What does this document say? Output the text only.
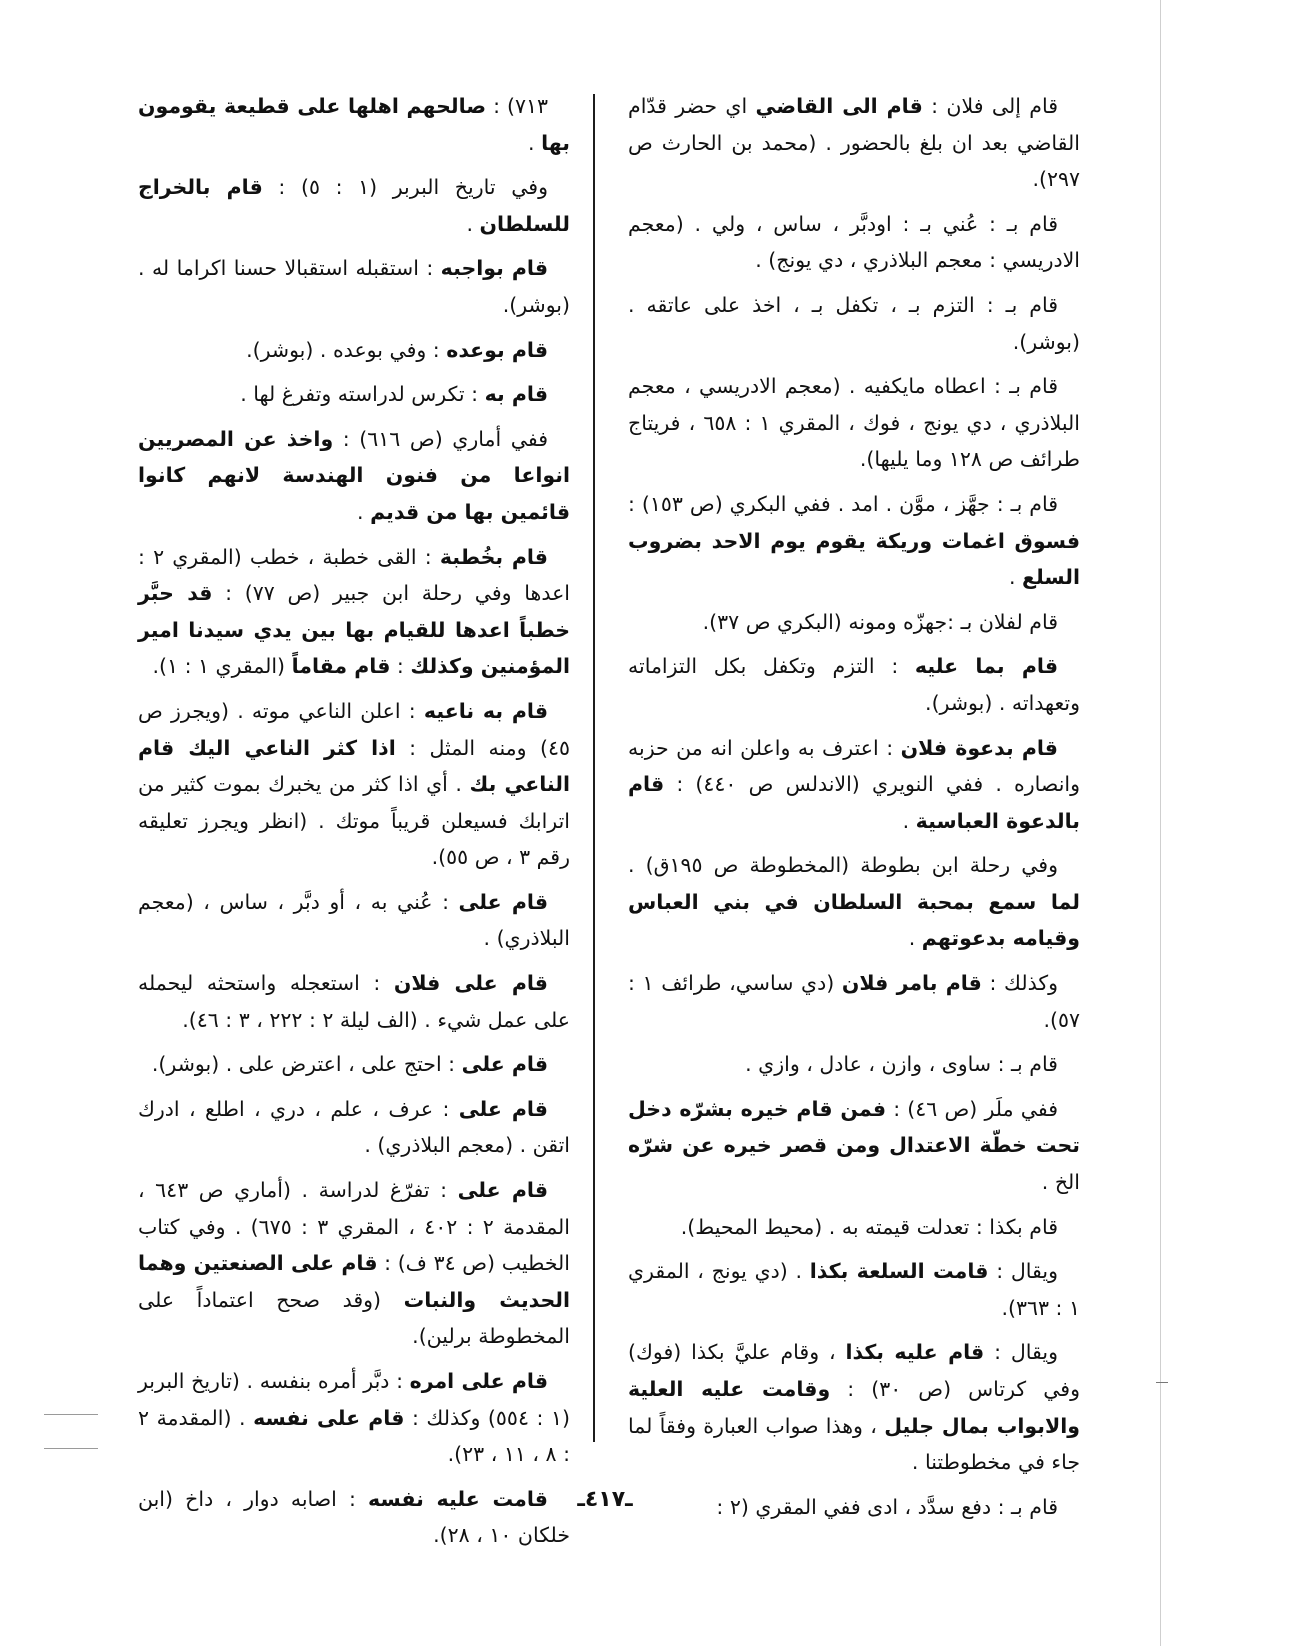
قام إلى فلان : قام الى القاضي اي حضر قدّام القاضي بعد ان بلغ بالحضور . (محمد بن الحارث ص ٢٩٧).

قام بـ : عُني بـ : اودبَّر ، ساس ، ولي . (معجم الادريسي : معجم البلاذري ، دي يونج) .

قام بـ : التزم بـ ، تكفل بـ ، اخذ على عاتقه . (بوشر).

قام بـ : اعطاه مايكفيه . (معجم الادريسي ، معجم البلاذري ، دي يونج ، فوك ، المقري ١ : ٦٥٨ ، فريتاج طرائف ص ١٢٨ وما يليها).

قام بـ : جهَّز ، موَّن . امد . ففي البكري (ص ١٥٣) : فسوق اغمات وريكة يقوم يوم الاحد بضروب السلع .

قام لفلان بـ :جهزّه ومونه (البكري ص ٣٧).

قام بما عليه : التزم وتكفل بكل التزاماته وتعهداته . (بوشر).

قام بدعوة فلان : اعترف به واعلن انه من حزبه وانصاره . ففي النويري (الاندلس ص ٤٤٠) : قام بالدعوة العباسية .

وفي رحلة ابن بطوطة (المخطوطة ص ١٩٥ق) . لما سمع بمحبة السلطان في بني العباس وقيامه بدعوتهم .

وكذلك : قام بامر فلان (دي ساسي، طرائف ١ : ٥٧).

قام بـ : ساوى ، وازن ، عادل ، وازي .

ففي ملَر (ص ٤٦) : فمن قام خيره بشرّه دخل تحت خطّة الاعتدال ومن قصر خيره عن شرّه الخ .

قام بكذا : تعدلت قيمته به . (محيط المحيط).

ويقال : قامت السلعة بكذا . (دي يونج ، المقري ١ : ٣٦٣).

ويقال : قام عليه بكذا ، وقام عليَّ بكذا (فوك) وفي كرتاس (ص ٣٠) : وقامت عليه العلية والابواب بمال جليل ، وهذا صواب العبارة وفقاً لما جاء في مخطوطتنا .

قام بـ : دفع سدَّد ، ادى ففي المقري (٢ :

٧١٣) : صالحهم اهلها على قطيعة يقومون بها .

وفي تاريخ البربر (١ : ٥) : قام بالخراج للسلطان .

قام بواجبه : استقبله استقبالا حسنا اكراما له . (بوشر).

قام بوعده : وفي بوعده . (بوشر).

قام به : تكرس لدراسته وتفرغ لها .

ففي أماري (ص ٦١٦) : واخذ عن المصريين انواعا من فنون الهندسة لانهم كانوا قائمين بها من قديم .

قام بخُطبة : القى خطبة ، خطب (المقري ٢ : اعدها وفي رحلة ابن جبير (ص ٧٧) : قد حبَّر خطباً اعدها للقيام بها بين يدي سيدنا امير المؤمنين وكذلك : قام مقاماً (المقري ١ : ١).

قام به ناعيه : اعلن الناعي موته . (ويجرز ص ٤٥) ومنه المثل : اذا كثر الناعي اليك قام الناعي بك . أي اذا كثر من يخبرك بموت كثير من اترابك فسيعلن قريباً موتك . (انظر ويجرز تعليقه رقم ٣ ، ص ٥٥).

قام على : عُني به ، أو دبَّر ، ساس ، (معجم البلاذري) .

قام على فلان : استعجله واستحثه ليحمله على عمل شيء . (الف ليلة ٢ : ٢٢٢ ، ٣ : ٤٦).

قام على : احتج على ، اعترض على . (بوشر).

قام على : عرف ، علم ، دري ، اطلع ، ادرك اتقن . (معجم البلاذري) .

قام على : تفرّغ لدراسة . (أماري ص ٦٤٣ ، المقدمة ٢ : ٤٠٢ ، المقري ٣ : ٦٧٥) . وفي كتاب الخطيب (ص ٣٤ ف) : قام على الصنعتين وهما الحديث والنبات (وقد صحح اعتماداً على المخطوطة برلين).

قام على امره : دبَّر أمره بنفسه . (تاريخ البربر (١ : ٥٥٤) وكذلك : قام على نفسه . (المقدمة ٢ : ٨ ، ١١ ، ٢٣).

قامت عليه نفسه : اصابه دوار ، داخ (ابن خلكان ١٠ ، ٢٨).

ـ٤١٧ـ
